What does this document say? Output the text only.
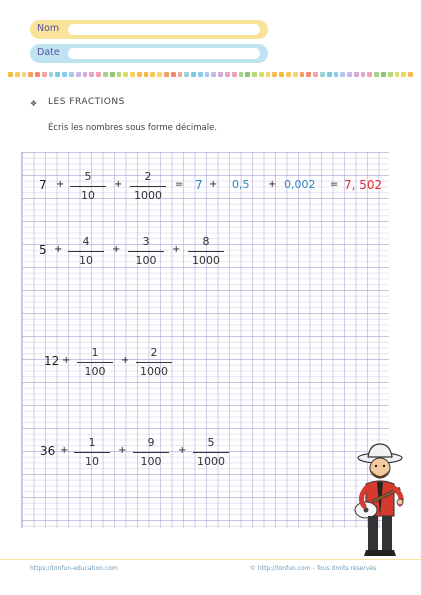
Nom
Date
❖ LES FRACTIONS
Écris les nombres sous forme décimale.
7 +
5
10
+
2
1000
= 7 + 0,5 + 0,002 = 7, 502
5 +
4
10
+
3
100
+
8
1000
12 +
1
100
+
2
1000
36 +
1
10
+
9
100
+
5
1000
https://tonfun-education.com	© http://tonfun.com - Tous droits réservés
